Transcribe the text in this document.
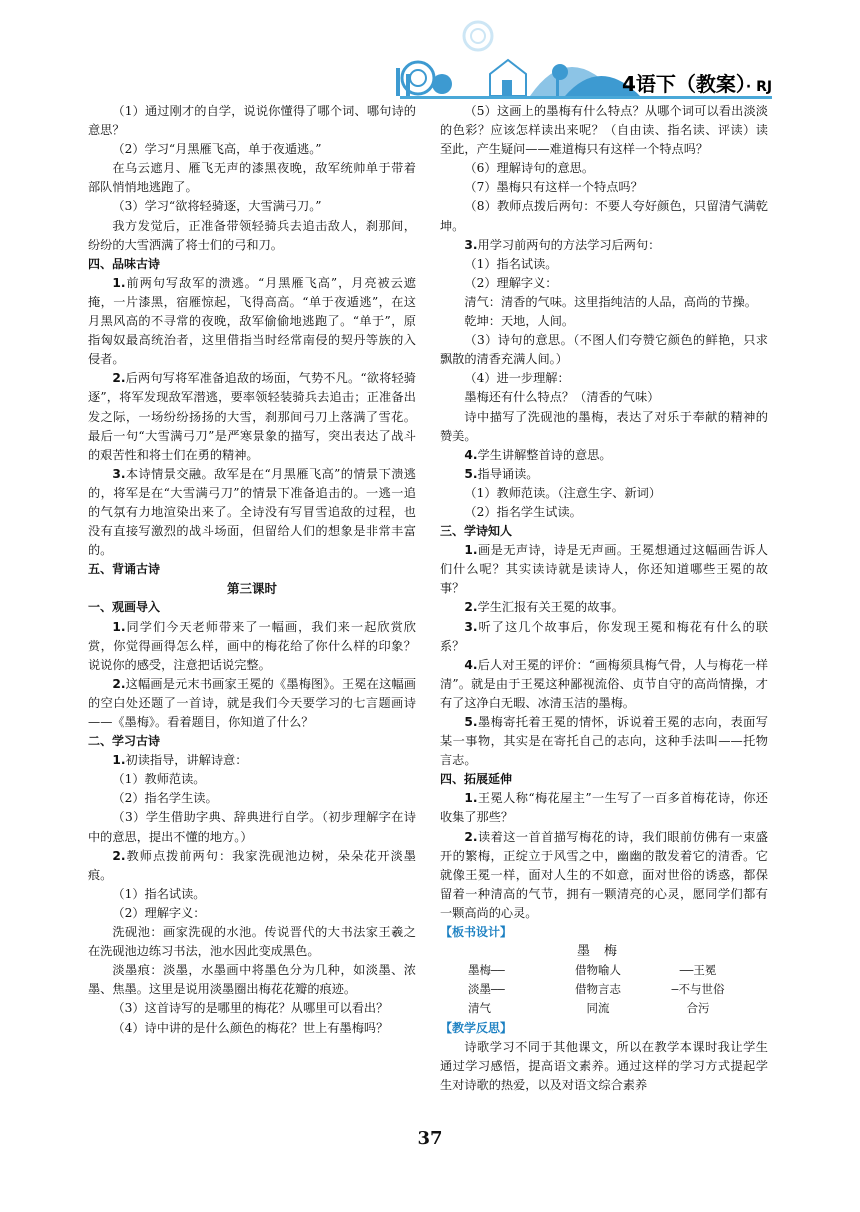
4语下（教案）· RJ

（1）通过刚才的自学，说说你懂得了哪个词、哪句诗的意思？

（2）学习“月黑雁飞高，单于夜遁逃。”

在乌云遮月、雁飞无声的漆黑夜晚，敌军统帅单于带着部队悄悄地逃跑了。

（3）学习“欲将轻骑逐，大雪满弓刀。”

我方发觉后，正准备带领轻骑兵去追击敌人，刹那间，纷纷的大雪洒满了将士们的弓和刀。

四、品味古诗

1.前两句写敌军的溃逃。“月黑雁飞高”，月亮被云遮掩，一片漆黑，宿雁惊起，飞得高高。“单于夜遁逃”，在这月黑风高的不寻常的夜晚，敌军偷偷地逃跑了。“单于”，原指匈奴最高统治者，这里借指当时经常南侵的契丹等族的入侵者。

2.后两句写将军准备追敌的场面，气势不凡。“欲将轻骑逐”，将军发现敌军潜逃，要率领轻装骑兵去追击；正准备出发之际，一场纷纷扬扬的大雪，刹那间弓刀上落满了雪花。最后一句“大雪满弓刀”是严寒景象的描写，突出表达了战斗的艰苦性和将士们在勇的精神。

3.本诗情景交融。敌军是在“月黑雁飞高”的情景下溃逃的，将军是在“大雪满弓刀”的情景下准备追击的。一逃一追的气氛有力地渲染出来了。全诗没有写冒雪追敌的过程，也没有直接写激烈的战斗场面，但留给人们的想象是非常丰富的。

五、背诵古诗

第三课时

一、观画导入

1.同学们今天老师带来了一幅画，我们来一起欣赏欣赏，你觉得画得怎么样，画中的梅花给了你什么样的印象？说说你的感受，注意把话说完整。

2.这幅画是元末书画家王冕的《墨梅图》。王冕在这幅画的空白处还题了一首诗，就是我们今天要学习的七言题画诗——《墨梅》。看着题目，你知道了什么？

二、学习古诗

1.初读指导，讲解诗意：

（1）教师范读。

（2）指名学生读。

（3）学生借助字典、辞典进行自学。（初步理解字在诗中的意思，提出不懂的地方。）

2.教师点拨前两句：我家洗砚池边树，朵朵花开淡墨痕。

（1）指名试读。

（2）理解字义：

洗砚池：画家洗砚的水池。传说晋代的大书法家王羲之在洗砚池边练习书法，池水因此变成黑色。

淡墨痕：淡墨，水墨画中将墨色分为几种，如淡墨、浓墨、焦墨。这里是说用淡墨圈出梅花花瓣的痕迹。

（3）这首诗写的是哪里的梅花？从哪里可以看出？

（4）诗中讲的是什么颜色的梅花？世上有墨梅吗？

（5）这画上的墨梅有什么特点？从哪个词可以看出淡淡的色彩？应该怎样读出来呢？（自由读、指名读、评读）读至此，产生疑问——难道梅只有这样一个特点吗？

（6）理解诗句的意思。

（7）墨梅只有这样一个特点吗？

（8）教师点拨后两句：不要人夸好颜色，只留清气满乾坤。

3.用学习前两句的方法学习后两句：

（1）指名试读。

（2）理解字义：

清气：清香的气味。这里指纯洁的人品，高尚的节操。

乾坤：天地，人间。

（3）诗句的意思。（不图人们夸赞它颜色的鲜艳，只求飘散的清香充满人间。）

（4）进一步理解：

墨梅还有什么特点？（清香的气味）

诗中描写了洗砚池的墨梅，表达了对乐于奉献的精神的赞美。

4.学生讲解整首诗的意思。

5.指导诵读。

（1）教师范读。（注意生字、新词）

（2）指名学生试读。

三、学诗知人

1.画是无声诗，诗是无声画。王冕想通过这幅画告诉人们什么呢？其实读诗就是读诗人，你还知道哪些王冕的故事？

2.学生汇报有关王冕的故事。

3.听了这几个故事后，你发现王冕和梅花有什么的联系？

4.后人对王冕的评价：“画梅须具梅气骨，人与梅花一样清”。就是由于王冕这种鄙视流俗、贞节自守的高尚情操，才有了这净白无暇、冰清玉洁的墨梅。

5.墨梅寄托着王冕的情怀，诉说着王冕的志向，表面写某一事物，其实是在寄托自己的志向，这种手法叫——托物言志。

四、拓展延伸

1.王冕人称“梅花屋主”一生写了一百多首梅花诗，你还收集了那些？

2.读着这一首首描写梅花的诗，我们眼前仿佛有一束盛开的繁梅，正绽立于风雪之中，幽幽的散发着它的清香。它就像王冕一样，面对人生的不如意，面对世俗的诱惑，都保留着一种清高的气节，拥有一颗清亮的心灵，愿同学们都有一颗高尚的心灵。

【板书设计】

墨梅

墨梅——	借物喻人	——王冕
淡墨——	借物言志	—不与世俗
清气	同流	合污

【教学反思】

诗歌学习不同于其他课文，所以在教学本课时我让学生通过学习感悟，提高语文素养。通过这样的学习方式提起学生对诗歌的热爱，以及对语文综合素养

37
